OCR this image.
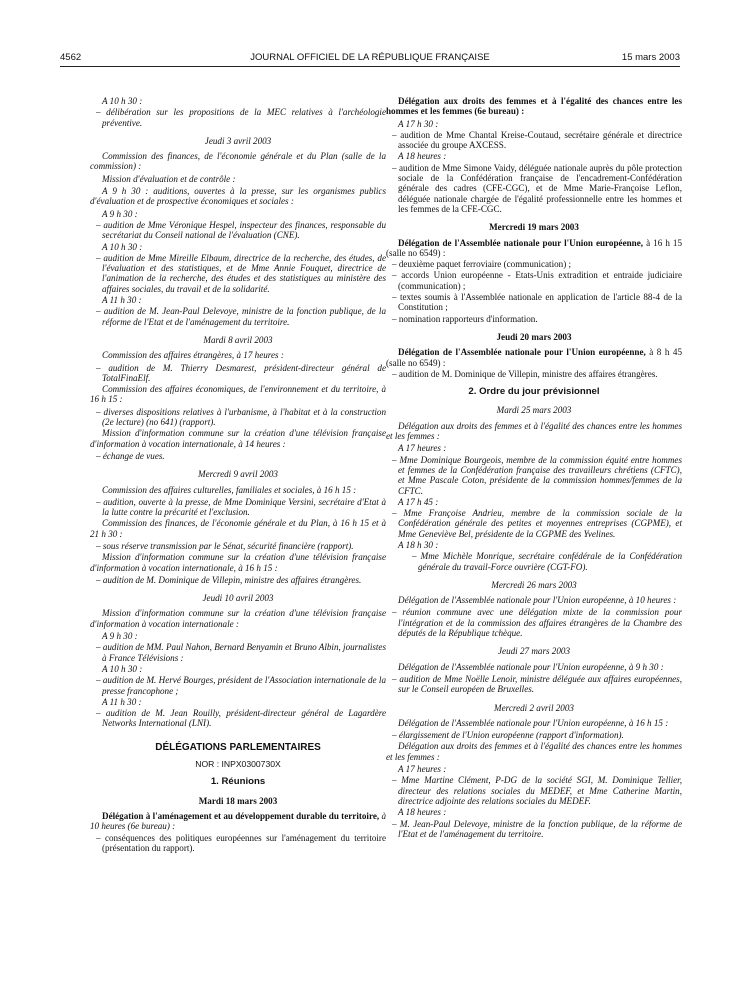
4562	JOURNAL OFFICIEL DE LA RÉPUBLIQUE FRANÇAISE	15 mars 2003
A 10 h 30 :
– délibération sur les propositions de la MEC relatives à l'archéologie préventive.
Jeudi 3 avril 2003
Commission des finances, de l'économie générale et du Plan (salle de la commission) :
Mission d'évaluation et de contrôle :
A 9 h 30 : auditions, ouvertes à la presse, sur les organismes publics d'évaluation et de prospective économiques et sociales :
A 9 h 30 :
– audition de Mme Véronique Hespel, inspecteur des finances, responsable du secrétariat du Conseil national de l'évaluation (CNE).
A 10 h 30 :
– audition de Mme Mireille Elbaum, directrice de la recherche, des études, de l'évaluation et des statistiques, et de Mme Annie Fouquet, directrice de l'animation de la recherche, des études et des statistiques au ministère des affaires sociales, du travail et de la solidarité.
A 11 h 30 :
– audition de M. Jean-Paul Delevoye, ministre de la fonction publique, de la réforme de l'Etat et de l'aménagement du territoire.
Mardi 8 avril 2003
Commission des affaires étrangères, à 17 heures :
– audition de M. Thierry Desmarest, président-directeur général de TotalFinaElf.
Commission des affaires économiques, de l'environnement et du territoire, à 16 h 15 :
– diverses dispositions relatives à l'urbanisme, à l'habitat et à la construction (2e lecture) (no 641) (rapport).
Mission d'information commune sur la création d'une télévision française d'information à vocation internationale, à 14 heures :
– échange de vues.
Mercredi 9 avril 2003
Commission des affaires culturelles, familiales et sociales, à 16 h 15 :
– audition, ouverte à la presse, de Mme Dominique Versini, secrétaire d'Etat à la lutte contre la précarité et l'exclusion.
Commission des finances, de l'économie générale et du Plan, à 16 h 15 et à 21 h 30 :
– sous réserve transmission par le Sénat, sécurité financière (rapport).
Mission d'information commune sur la création d'une télévision française d'information à vocation internationale, à 16 h 15 :
– audition de M. Dominique de Villepin, ministre des affaires étrangères.
Jeudi 10 avril 2003
Mission d'information commune sur la création d'une télévision française d'information à vocation internationale :
A 9 h 30 :
– audition de MM. Paul Nahon, Bernard Benyamin et Bruno Albin, journalistes à France Télévisions :
A 10 h 30 :
– audition de M. Hervé Bourges, président de l'Association internationale de la presse francophone ;
A 11 h 30 :
– audition de M. Jean Rouilly, président-directeur général de Lagardère Networks International (LNI).
DÉLÉGATIONS PARLEMENTAIRES
NOR : INPX0300730X
1. Réunions
Mardi 18 mars 2003
Délégation à l'aménagement et au développement durable du territoire, à 10 heures (6e bureau) :
– conséquences des politiques européennes sur l'aménagement du territoire (présentation du rapport).
Délégation aux droits des femmes et à l'égalité des chances entre les hommes et les femmes (6e bureau) :
A 17 h 30 :
– audition de Mme Chantal Kreise-Coutaud, secrétaire générale et directrice associée du groupe AXCESS.
A 18 heures :
– audition de Mme Simone Vaidy, déléguée nationale auprès du pôle protection sociale de la Confédération française de l'encadrement-Confédération générale des cadres (CFE-CGC), et de Mme Marie-Françoise Leflon, déléguée nationale chargée de l'égalité professionnelle entre les hommes et les femmes de la CFE-CGC.
Mercredi 19 mars 2003
Délégation de l'Assemblée nationale pour l'Union européenne, à 16 h 15 (salle no 6549) :
– deuxième paquet ferroviaire (communication) ;
– accords Union européenne - Etats-Unis extradition et entraide judiciaire (communication) ;
– textes soumis à l'Assemblée nationale en application de l'article 88-4 de la Constitution ;
– nomination rapporteurs d'information.
Jeudi 20 mars 2003
Délégation de l'Assemblée nationale pour l'Union européenne, à 8 h 45 (salle no 6549) :
– audition de M. Dominique de Villepin, ministre des affaires étrangères.
2. Ordre du jour prévisionnel
Mardi 25 mars 2003
Délégation aux droits des femmes et à l'égalité des chances entre les hommes et les femmes :
A 17 heures :
– Mme Dominique Bourgeois, membre de la commission équité entre hommes et femmes de la Confédération française des travailleurs chrétiens (CFTC), et Mme Pascale Coton, présidente de la commission hommes/femmes de la CFTC.
A 17 h 45 :
– Mme Françoise Andrieu, membre de la commission sociale de la Confédération générale des petites et moyennes entreprises (CGPME), et Mme Geneviève Bel, présidente de la CGPME des Yvelines.
A 18 h 30 :
– Mme Michèle Monrique, secrétaire confédérale de la Confédération générale du travail-Force ouvrière (CGT-FO).
Mercredi 26 mars 2003
Délégation de l'Assemblée nationale pour l'Union européenne, à 10 heures :
– réunion commune avec une délégation mixte de la commission pour l'intégration et de la commission des affaires étrangères de la Chambre des députés de la République tchèque.
Jeudi 27 mars 2003
Délégation de l'Assemblée nationale pour l'Union européenne, à 9 h 30 :
– audition de Mme Noëlle Lenoir, ministre déléguée aux affaires européennes, sur le Conseil européen de Bruxelles.
Mercredi 2 avril 2003
Délégation de l'Assemblée nationale pour l'Union européenne, à 16 h 15 :
– élargissement de l'Union européenne (rapport d'information).
Délégation aux droits des femmes et à l'égalité des chances entre les hommes et les femmes :
A 17 heures :
– Mme Martine Clément, P-DG de la société SGI, M. Dominique Tellier, directeur des relations sociales du MEDEF, et Mme Catherine Martin, directrice adjointe des relations sociales du MEDEF.
A 18 heures :
– M. Jean-Paul Delevoye, ministre de la fonction publique, de la réforme de l'Etat et de l'aménagement du territoire.
